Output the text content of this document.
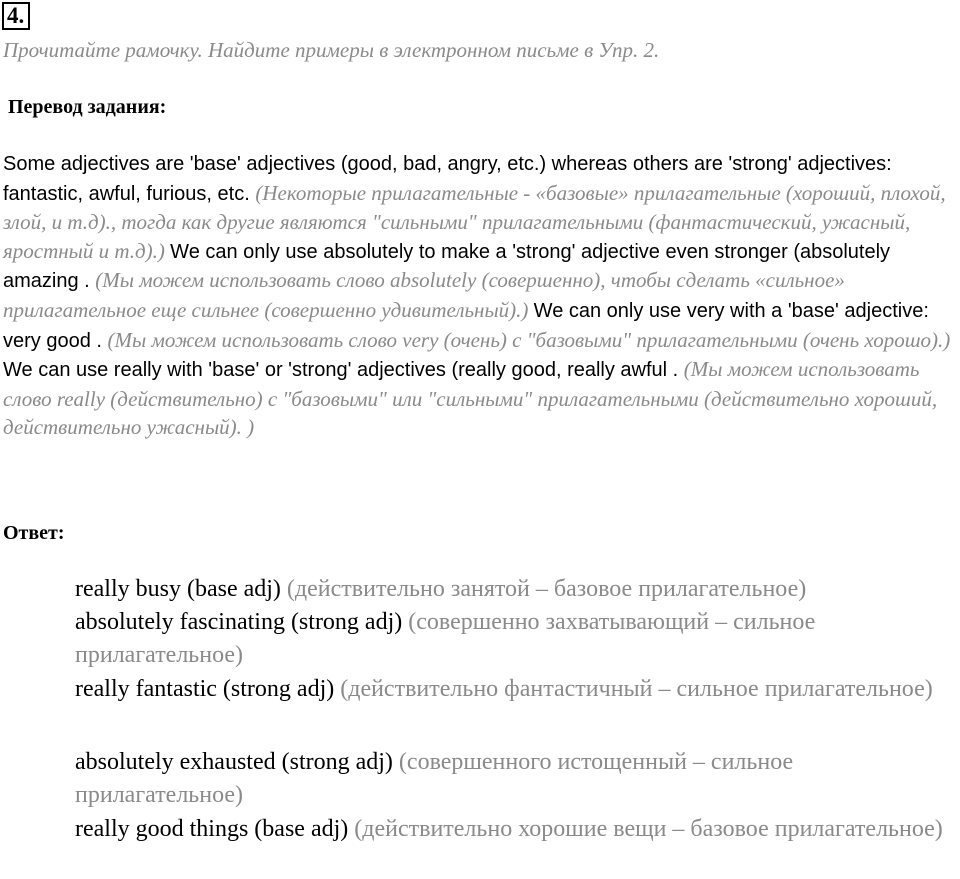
4.
Прочитайте рамочку. Найдите примеры в электронном письме в Упр. 2.
Перевод задания:
Some adjectives are 'base' adjectives (good, bad, angry, etc.) whereas others are 'strong' adjectives: fantastic, awful, furious, etc. (Некоторые прилагательные - «базовые» прилагательные (хороший, плохой, злой, и т.д)., тогда как другие являются "сильными" прилагательными (фантастический, ужасный, яростный и т.д).) We can only use absolutely to make a 'strong' adjective even stronger (absolutely amazing . (Мы можем использовать слово absolutely (совершенно), чтобы сделать «сильное» прилагательное еще сильнее (совершенно удивительный).) We can only use very with a 'base' adjective: very good . (Мы можем использовать слово very (очень) с "базовыми" прилагательными (очень хорошо).) We can use really with 'base' or 'strong' adjectives (really good, really awful . (Мы можем использовать слово really (действительно) с "базовыми" или "сильными" прилагательными (действительно хороший, действительно ужасный). )
Ответ:
really busy (base adj) (действительно занятой – базовое прилагательное)
absolutely fascinating (strong adj) (совершенно захватывающий – сильное прилагательное)
really fantastic (strong adj) (действительно фантастичный – сильное прилагательное)
absolutely exhausted (strong adj) (совершенного истощенный – сильное прилагательное)
really good things (base adj) (действительно хорошие вещи – базовое прилагательное)
